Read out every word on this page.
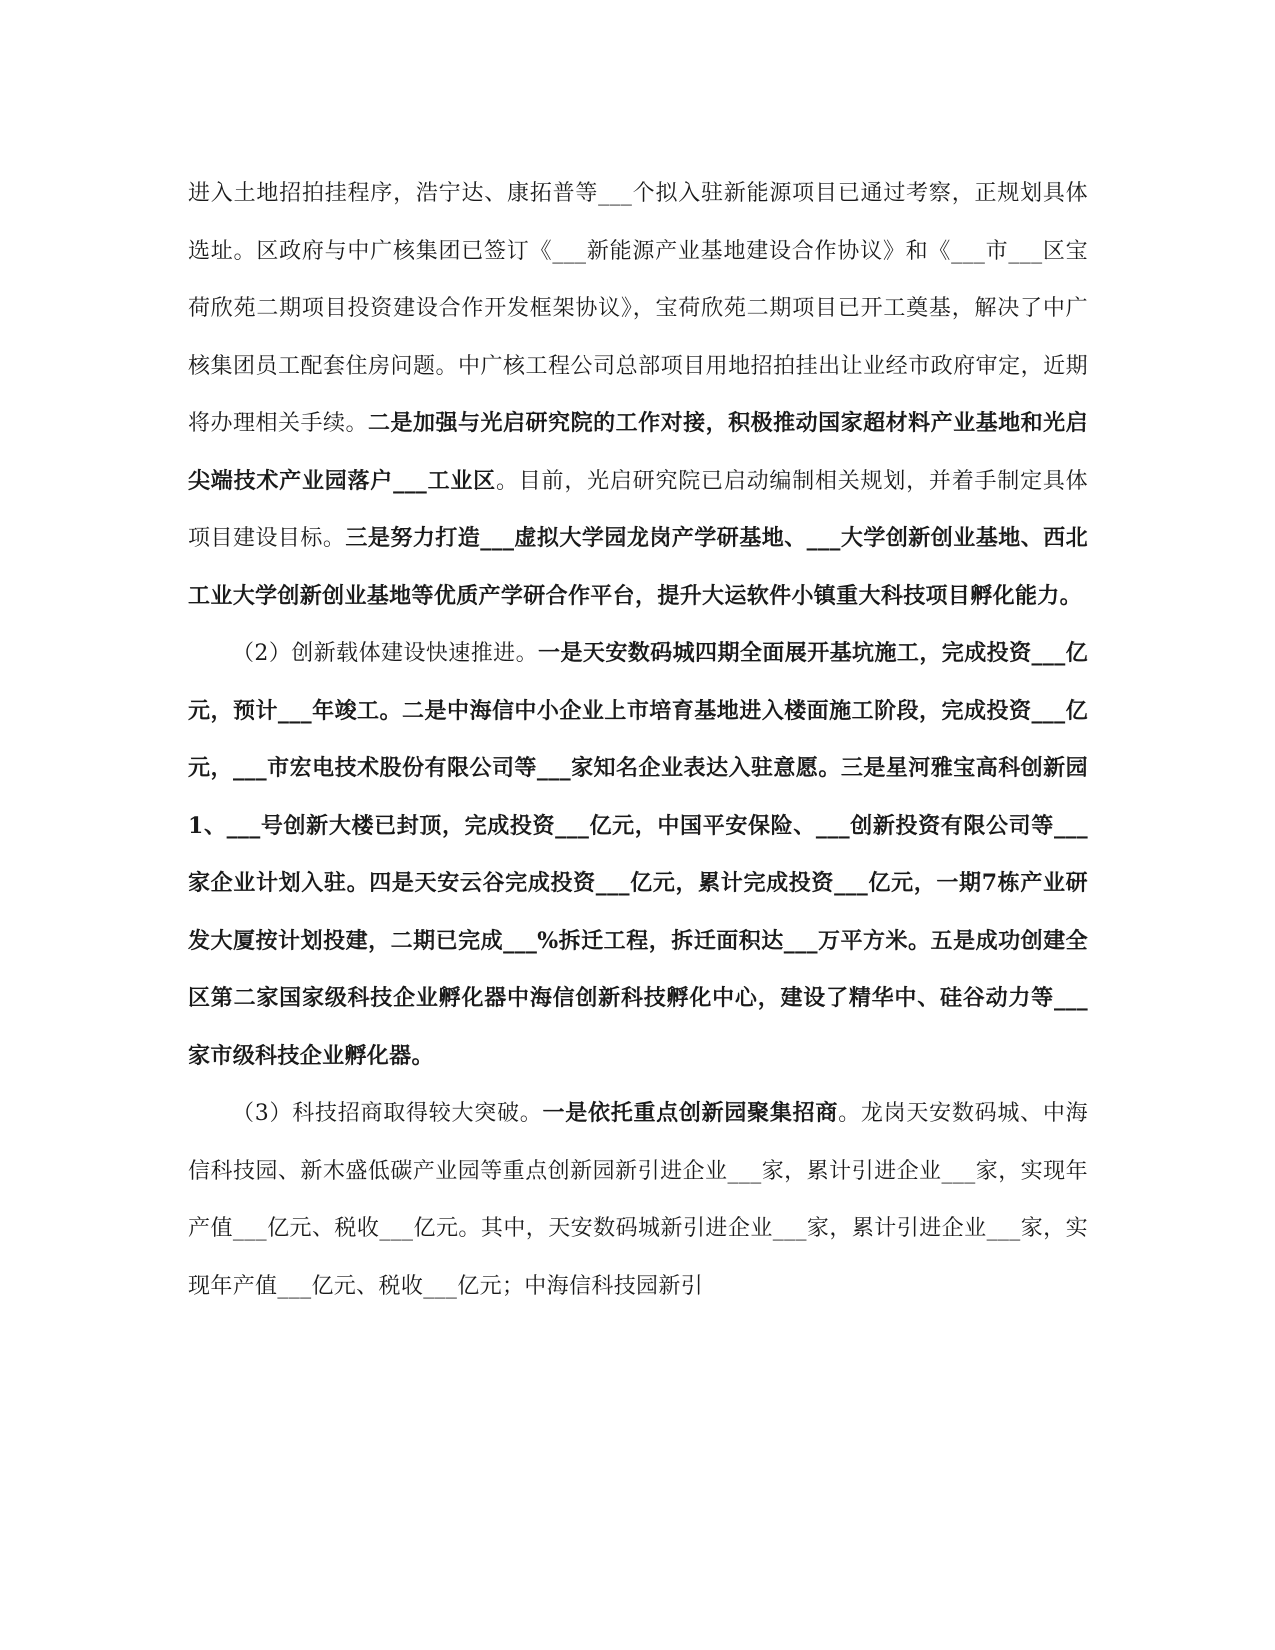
进入土地招拍挂程序，浩宁达、康拓普等___个拟入驻新能源项目已通过考察，正规划具体选址。区政府与中广核集团已签订《___新能源产业基地建设合作协议》和《___市___区宝荷欣苑二期项目投资建设合作开发框架协议》，宝荷欣苑二期项目已开工奠基，解决了中广核集团员工配套住房问题。中广核工程公司总部项目用地招拍挂出让业经市政府审定，近期将办理相关手续。二是加强与光启研究院的工作对接，积极推动国家超材料产业基地和光启尖端技术产业园落户___工业区。目前，光启研究院已启动编制相关规划，并着手制定具体项目建设目标。三是努力打造___虚拟大学园龙岗产学研基地、___大学创新创业基地、西北工业大学创新创业基地等优质产学研合作平台，提升大运软件小镇重大科技项目孵化能力。

（2）创新载体建设快速推进。一是天安数码城四期全面展开基坑施工，完成投资___亿元，预计___年竣工。二是中海信中小企业上市培育基地进入楼面施工阶段，完成投资___亿元，___市宏电技术股份有限公司等___家知名企业表达入驻意愿。三是星河雅宝高科创新园1、___号创新大楼已封顶，完成投资___亿元，中国平安保险、___创新投资有限公司等___家企业计划入驻。四是天安云谷完成投资___亿元，累计完成投资___亿元，一期7栋产业研发大厦按计划投建，二期已完成___%拆迁工程，拆迁面积达___万平方米。五是成功创建全区第二家国家级科技企业孵化器中海信创新科技孵化中心，建设了精华中、硅谷动力等___家市级科技企业孵化器。

（3）科技招商取得较大突破。一是依托重点创新园聚集招商。龙岗天安数码城、中海信科技园、新木盛低碳产业园等重点创新园新引进企业___家，累计引进企业___家，实现年产值___亿元、税收___亿元。其中，天安数码城新引进企业___家，累计引进企业___家，实现年产值___亿元、税收___亿元；中海信科技园新引
